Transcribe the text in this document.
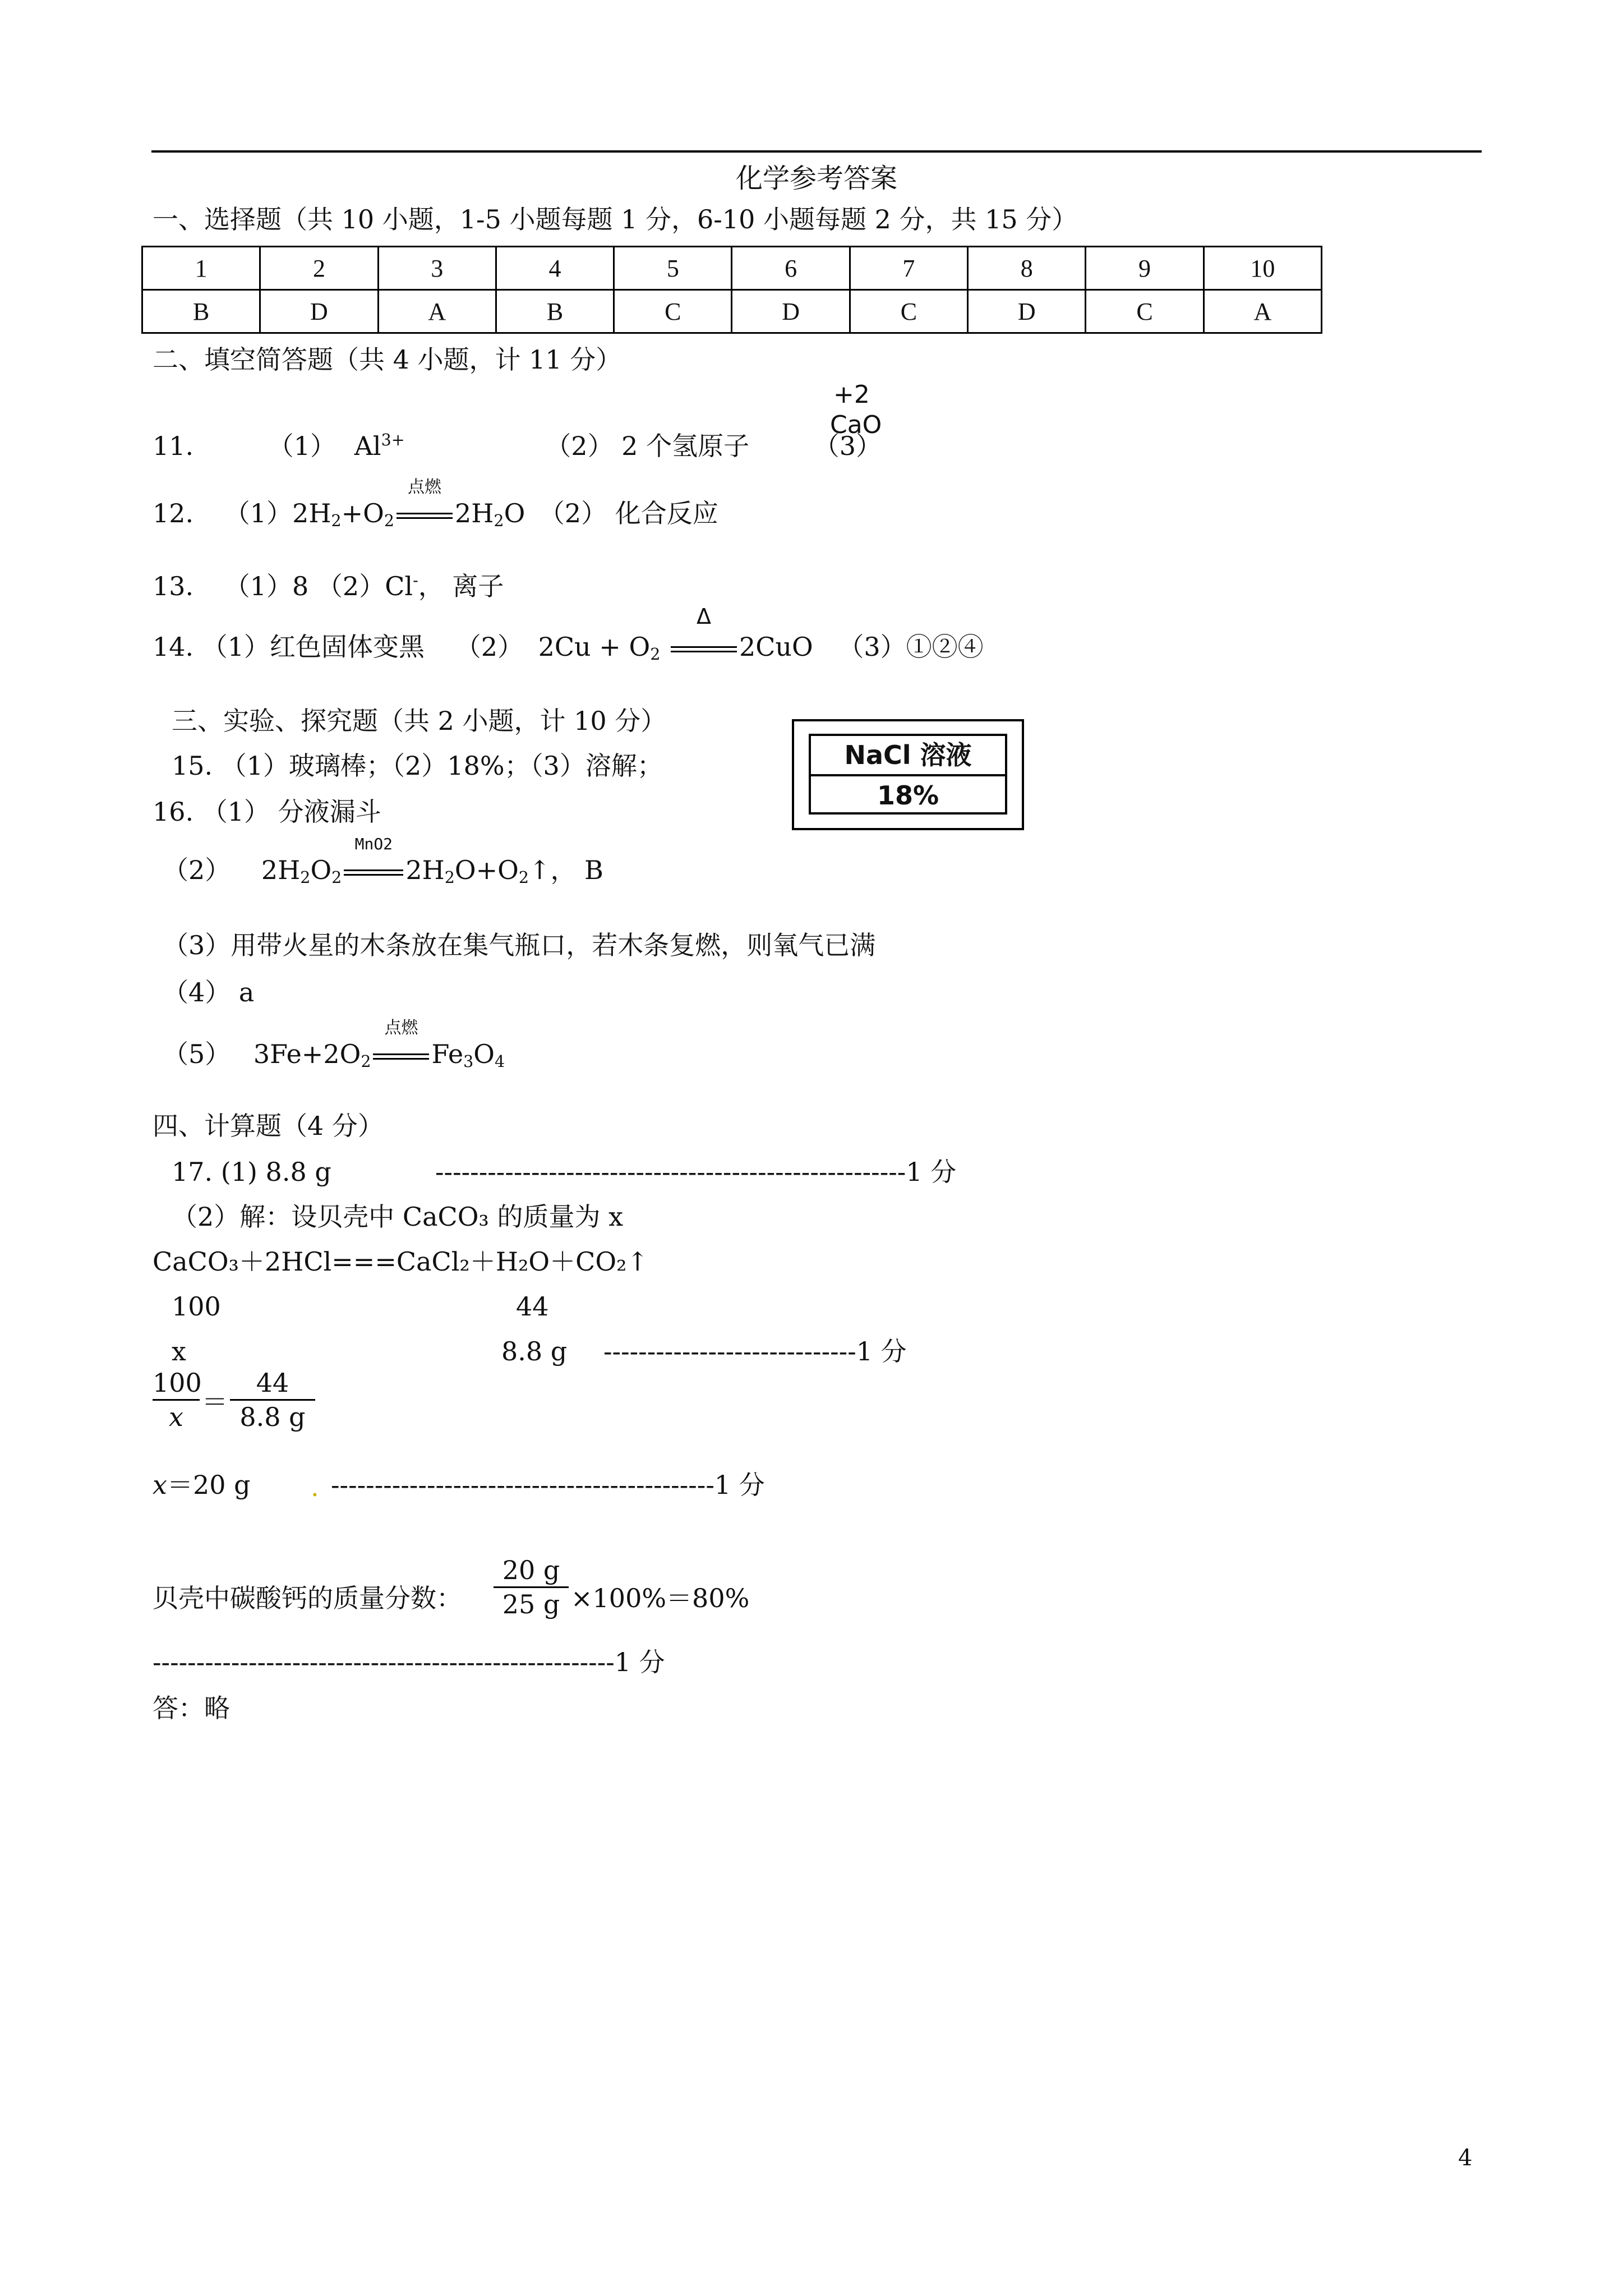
化学参考答案
一、选择题（共 10 小题，1-5 小题每题 1 分，6-10 小题每题 2 分，共 15 分）
1	2	3	4	5	6	7	8	9	10
B	D	A	B	C	D	C	D	C	A
二、填空简答题（共 4 小题，计 11 分）
+2
CaO
11.	（1） $Al^{3+}$	（2） 2 个氢原子 （3）
12. $(1)2H_2+O_2$
点燃
$2H_2O$ （2） 化合反应
13. （1）8 （2）Cl-， 离子
14. （1）红色固体变黑 （2） $2Cu + O_2$
Δ
2CuO （3）①②④
三、实验、探究题（共 2 小题，计 10 分）
15. （1）玻璃棒；（2）18%；（3）溶解；	NaCl 溶液
18%
16. （1） 分液漏斗
（2） $2H_2O_2$
MnO2
$2H_2O+O_2↑$， B
（3）用带火星的木条放在集气瓶口，若木条复燃，则氧气已满
（4） a
（5） $3Fe+2O_2$
点燃
$Fe_3O_4$
四、计算题（4 分）
17. (1) 8.8 g	------------------------------------------------------1 分
（2）解：设贝壳中 CaCO₃ 的质量为 x
CaCO₃＋2HCl===CaCl₂＋H₂O＋CO₂↑
100	44
x	8.8 g -----------------------------1 分
100
x ＝
44
8.8 g
x＝20 g . --------------------------------------------1 分
贝壳中碳酸钙的质量分数：
20 g
25 g ×100%＝80%
-----------------------------------------------------1 分
答：略
4
